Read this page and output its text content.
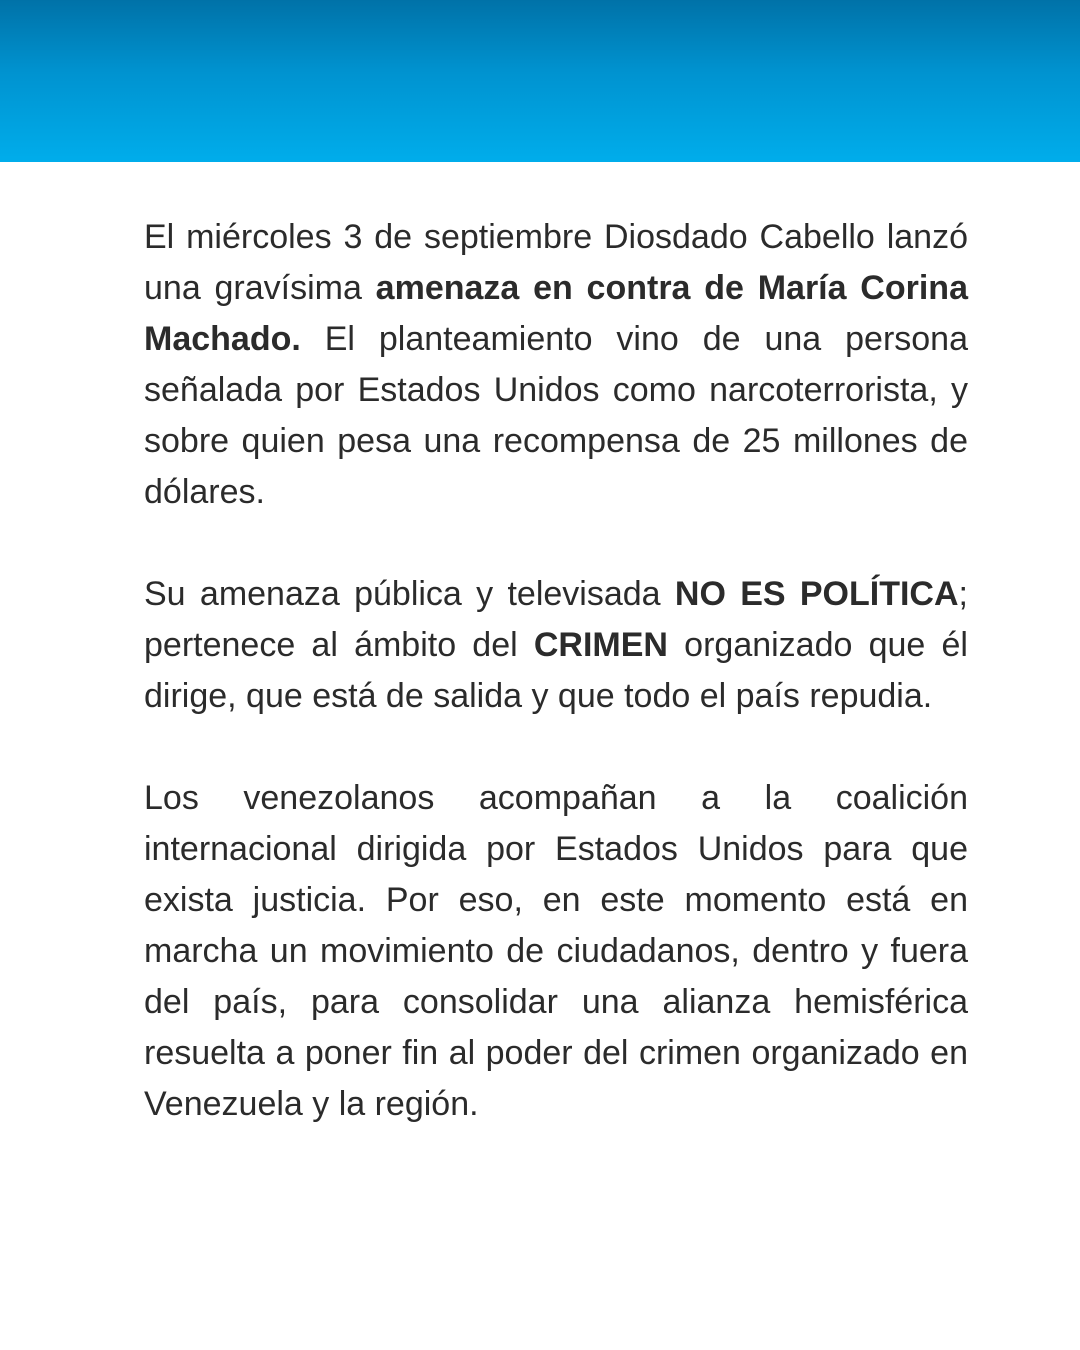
El miércoles 3 de septiembre Diosdado Cabello lanzó una gravísima amenaza en contra de María Corina Machado. El planteamiento vino de una persona señalada por Estados Unidos como narcoterrorista, y sobre quien pesa una recompensa de 25 millones de dólares.

Su amenaza pública y televisada NO ES POLÍTICA; pertenece al ámbito del CRIMEN organizado que él dirige, que está de salida y que todo el país repudia.

Los venezolanos acompañan a la coalición internacional dirigida por Estados Unidos para que exista justicia. Por eso, en este momento está en marcha un movimiento de ciudadanos, dentro y fuera del país, para consolidar una alianza hemisférica resuelta a poner fin al poder del crimen organizado en Venezuela y la región.
